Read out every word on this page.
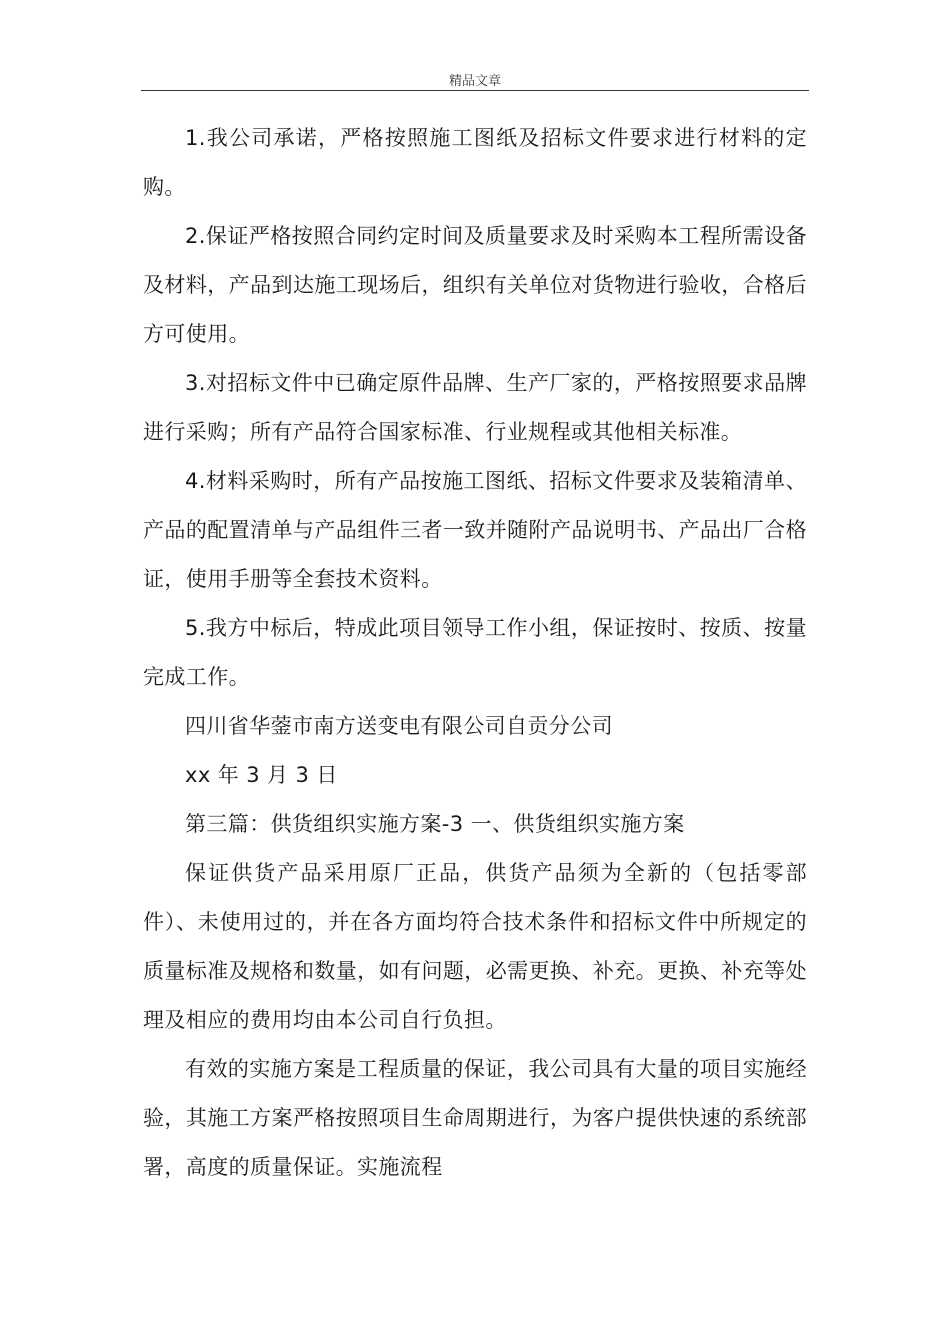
精品文章

1.我公司承诺，严格按照施工图纸及招标文件要求进行材料的定购。

2.保证严格按照合同约定时间及质量要求及时采购本工程所需设备及材料，产品到达施工现场后，组织有关单位对货物进行验收，合格后方可使用。

3.对招标文件中已确定原件品牌、生产厂家的，严格按照要求品牌进行采购；所有产品符合国家标准、行业规程或其他相关标准。

4.材料采购时，所有产品按施工图纸、招标文件要求及装箱清单、产品的配置清单与产品组件三者一致并随附产品说明书、产品出厂合格证，使用手册等全套技术资料。

5.我方中标后，特成此项目领导工作小组，保证按时、按质、按量完成工作。

四川省华蓥市南方送变电有限公司自贡分公司

xx 年 3 月 3 日

第三篇：供货组织实施方案-3 一、供货组织实施方案

保证供货产品采用原厂正品，供货产品须为全新的（包括零部件）、未使用过的，并在各方面均符合技术条件和招标文件中所规定的质量标准及规格和数量，如有问题，必需更换、补充。更换、补充等处理及相应的费用均由本公司自行负担。

有效的实施方案是工程质量的保证，我公司具有大量的项目实施经验，其施工方案严格按照项目生命周期进行，为客户提供快速的系统部署，高度的质量保证。实施流程
